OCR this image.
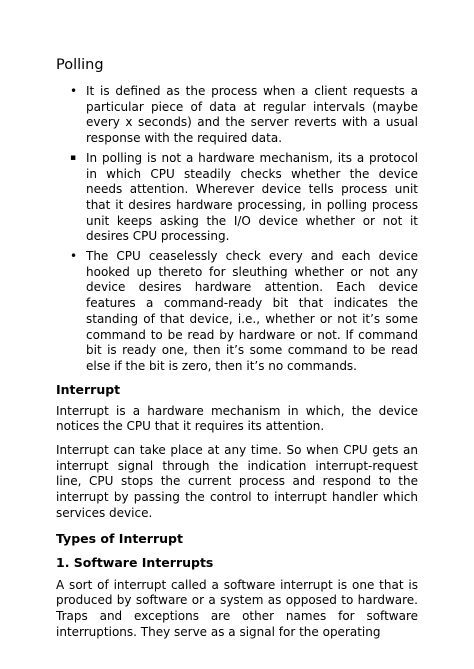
Polling
• It is defined as the process when a client requests a particular piece of data at regular intervals (maybe every x seconds) and the server reverts with a usual response with the required data.
▪ In polling is not a hardware mechanism, its a protocol in which CPU steadily checks whether the device needs attention. Wherever device tells process unit that it desires hardware processing, in polling process unit keeps asking the I/O device whether or not it desires CPU processing.
• The CPU ceaselessly check every and each device hooked up thereto for sleuthing whether or not any device desires hardware attention. Each device features a command-ready bit that indicates the standing of that device, i.e., whether or not it’s some command to be read by hardware or not. If command bit is ready one, then it’s some command to be read else if the bit is zero, then it’s no commands.
Interrupt

Interrupt is a hardware mechanism in which, the device notices the CPU that it requires its attention.

Interrupt can take place at any time. So when CPU gets an interrupt signal through the indication interrupt-request line, CPU stops the current process and respond to the interrupt by passing the control to interrupt handler which services device.

Types of Interrupt
1. Software Interrupts

A sort of interrupt called a software interrupt is one that is produced by software or a system as opposed to hardware. Traps and exceptions are other names for software interruptions. They serve as a signal for the operating
